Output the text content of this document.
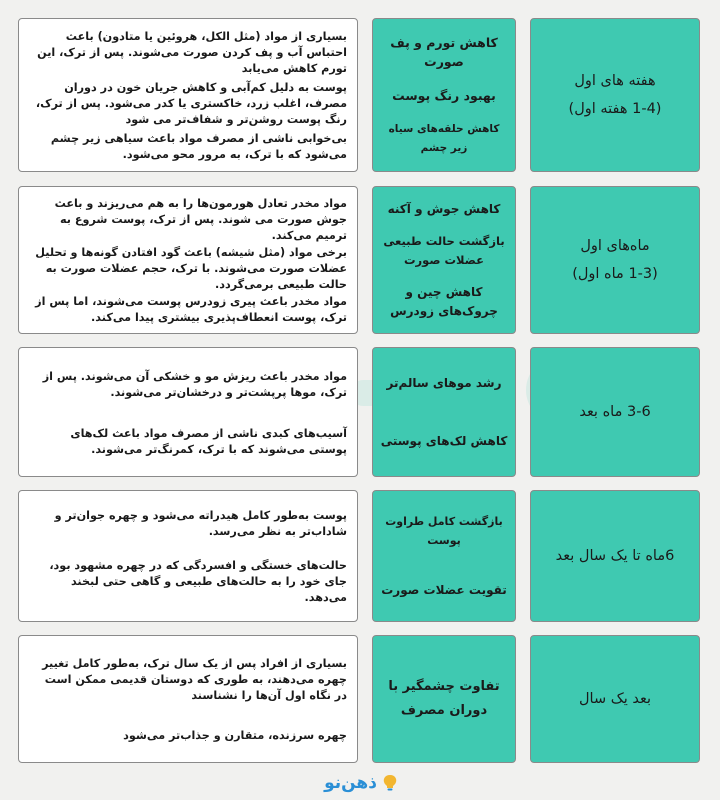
هفته های اول
(1-4 هفته اول)
کاهش تورم و پف صورت
بهبود رنگ پوست
کاهش حلقه‌های سیاه زیر چشم

بسیاری از مواد (مثل الکل، هروئین یا متادون) باعث احتباس آب و پف کردن صورت می‌شوند. پس از ترک، این تورم کاهش می‌یابد

پوست به دلیل کم‌آبی و کاهش جریان خون در دوران مصرف، اغلب زرد، خاکستری یا کدر می‌شود. پس از ترک، رنگ پوست روشن‌تر و شفاف‌تر می شود

بی‌خوابی ناشی از مصرف مواد باعث سیاهی زیر چشم می‌شود که با ترک، به مرور محو می‌شود.

ماه‌های اول
(1-3 ماه اول)
کاهش جوش و آکنه
بازگشت حالت طبیعی عضلات صورت
کاهش چین و چروک‌های زودرس

مواد مخدر تعادل هورمون‌ها را به هم می‌ریزند و باعث جوش صورت می شوند. پس از ترک، پوست شروع به ترمیم می‌کند.

برخی مواد (مثل شیشه) باعث گود افتادن گونه‌ها و تحلیل عضلات صورت می‌شوند. با ترک، حجم عضلات صورت به حالت طبیعی برمی‌گردد.

مواد مخدر باعث پیری زودرس پوست می‌شوند، اما پس از ترک، پوست انعطاف‌پذیری بیشتری پیدا می‌کند.

3-6 ماه بعد
رشد موهای سالم‌تر
کاهش لک‌های پوستی

مواد مخدر باعث ریزش مو و خشکی آن می‌شوند. پس از ترک، موها پرپشت‌تر و درخشان‌تر می‌شوند.

آسیب‌های کبدی ناشی از مصرف مواد باعث لک‌های پوستی می‌شوند که با ترک، کمرنگ‌تر می‌شوند.

6ماه تا یک سال بعد
بازگشت کامل طراوت پوست
تقویت عضلات صورت

پوست به‌طور کامل هیدراته می‌شود و چهره جوان‌تر و شاداب‌تر به نظر می‌رسد.

حالت‌های خستگی و افسردگی که در چهره مشهود بود، جای خود را به حالت‌های طبیعی و گاهی حتی لبخند می‌دهد.

بعد یک سال
تفاوت چشمگیر با دوران مصرف

بسیاری از افراد پس از یک سال ترک، به‌طور کامل تغییر چهره می‌دهند، به طوری که دوستان قدیمی ممکن است در نگاه اول آن‌ها را نشناسند

چهره سرزنده، متقارن و جذاب‌تر می‌شود

ذهن‌نو
